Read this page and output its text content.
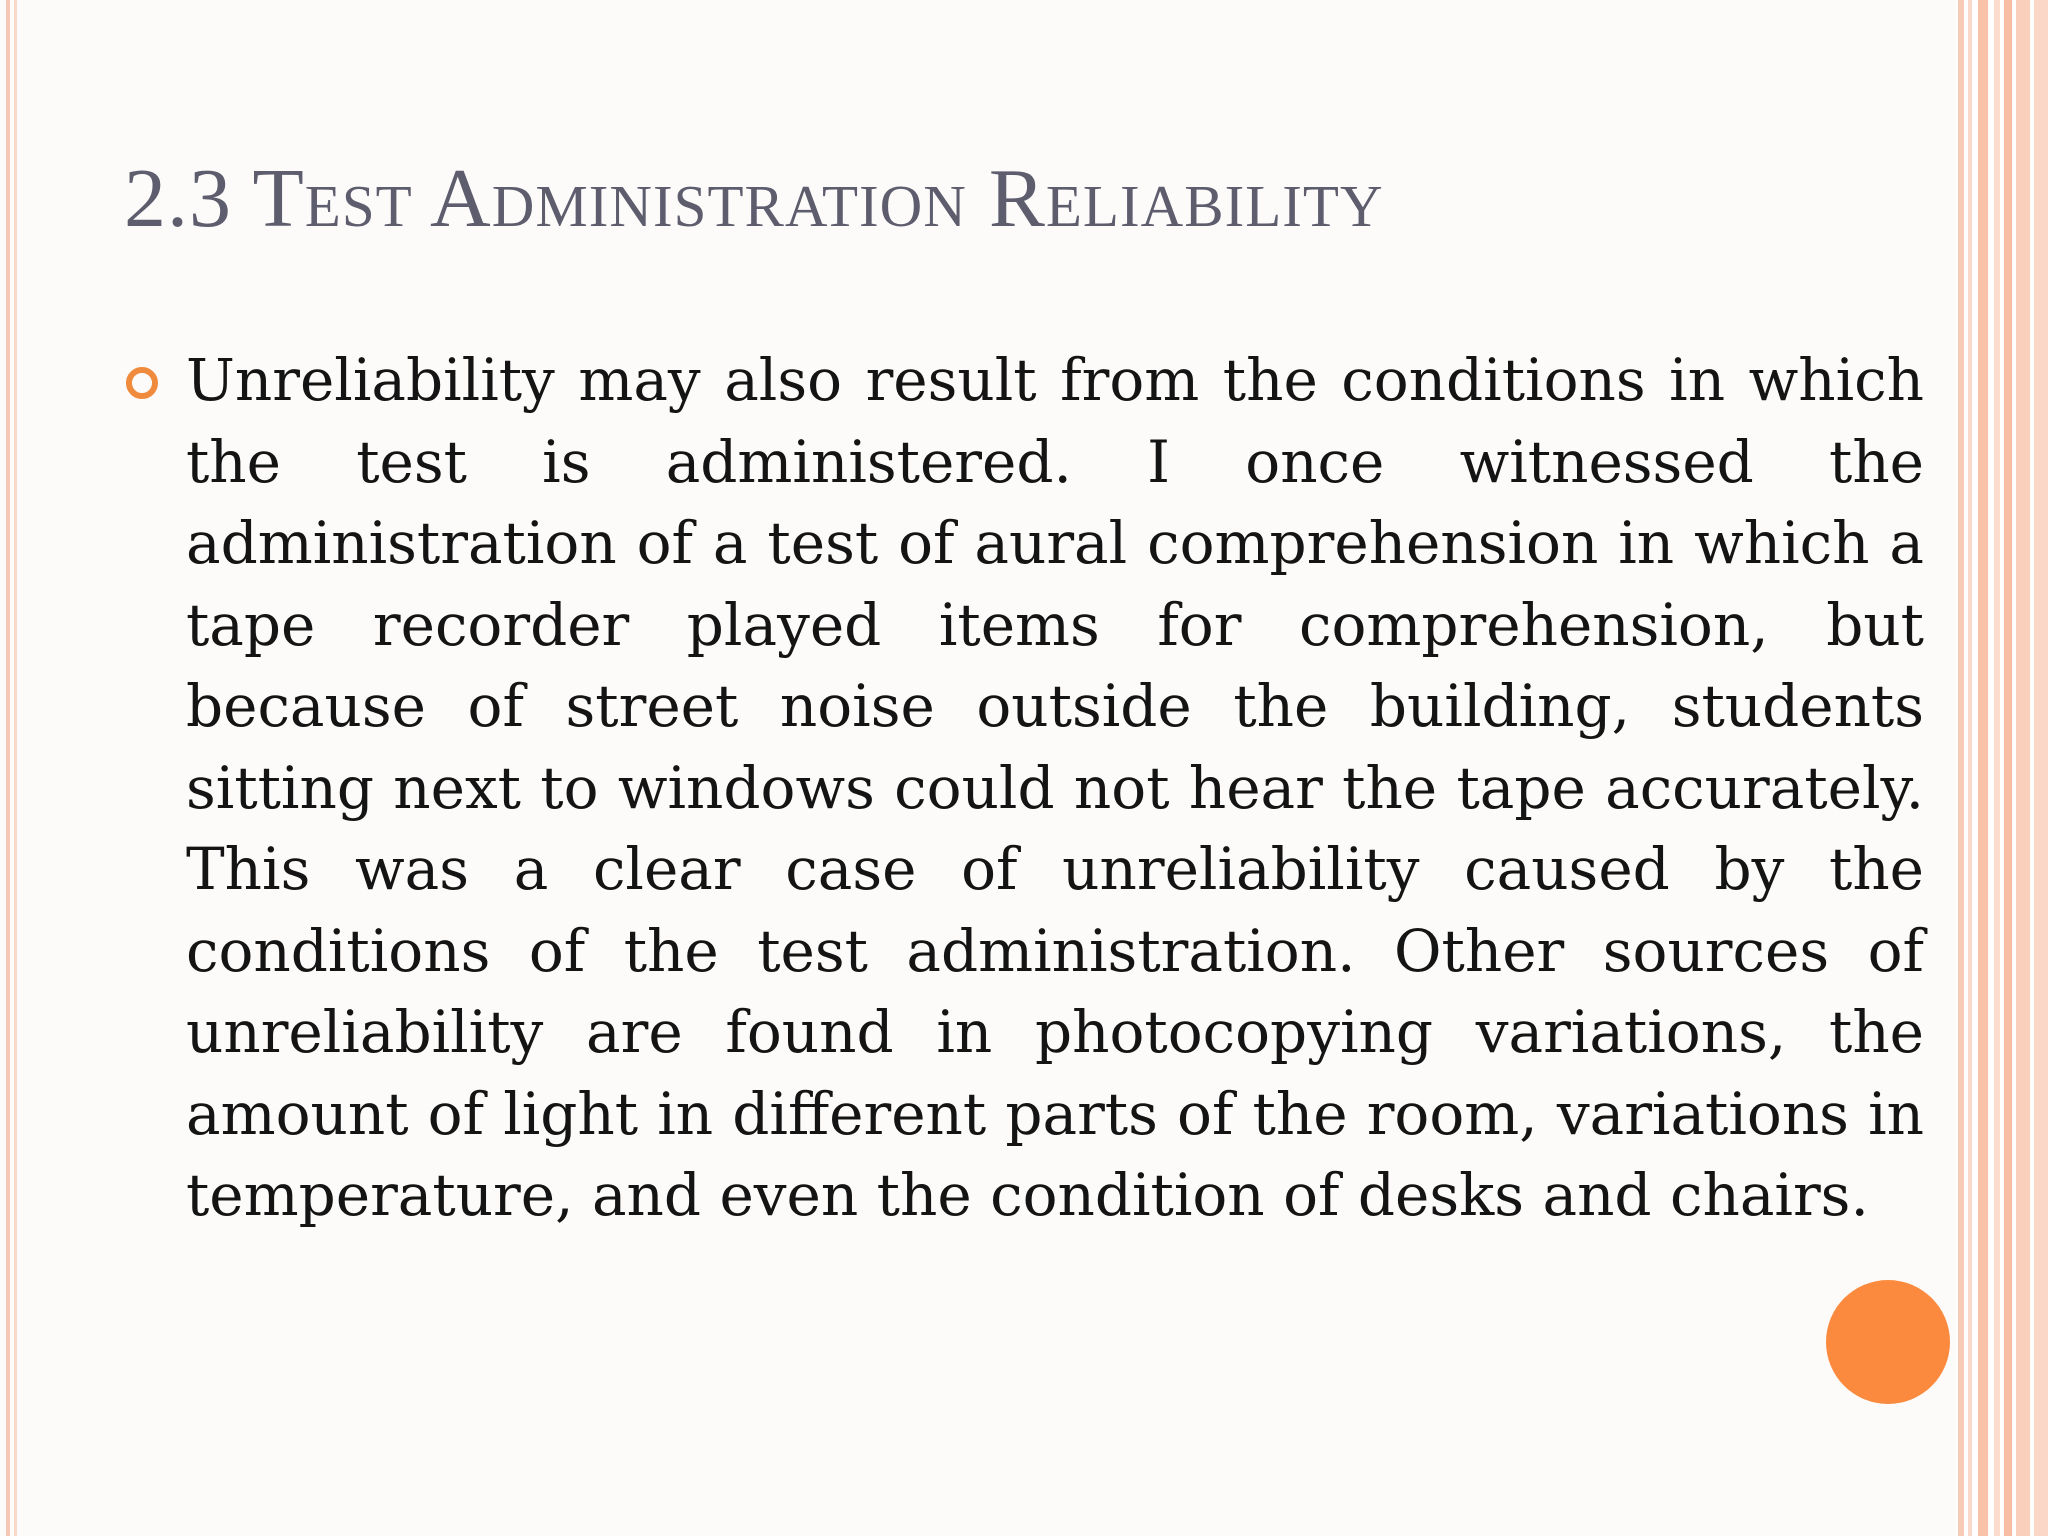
2.3 Test Administration Reliability

Unreliability may also result from the conditions in which the test is administered. I once witnessed the administration of a test of aural comprehension in which a tape recorder played items for comprehension, but because of street noise outside the building, students sitting next to windows could not hear the tape accurately. This was a clear case of unreliability caused by the conditions of the test administration. Other sources of unreliability are found in photocopying variations, the amount of light in different parts of the room, variations in temperature, and even the condition of desks and chairs.
